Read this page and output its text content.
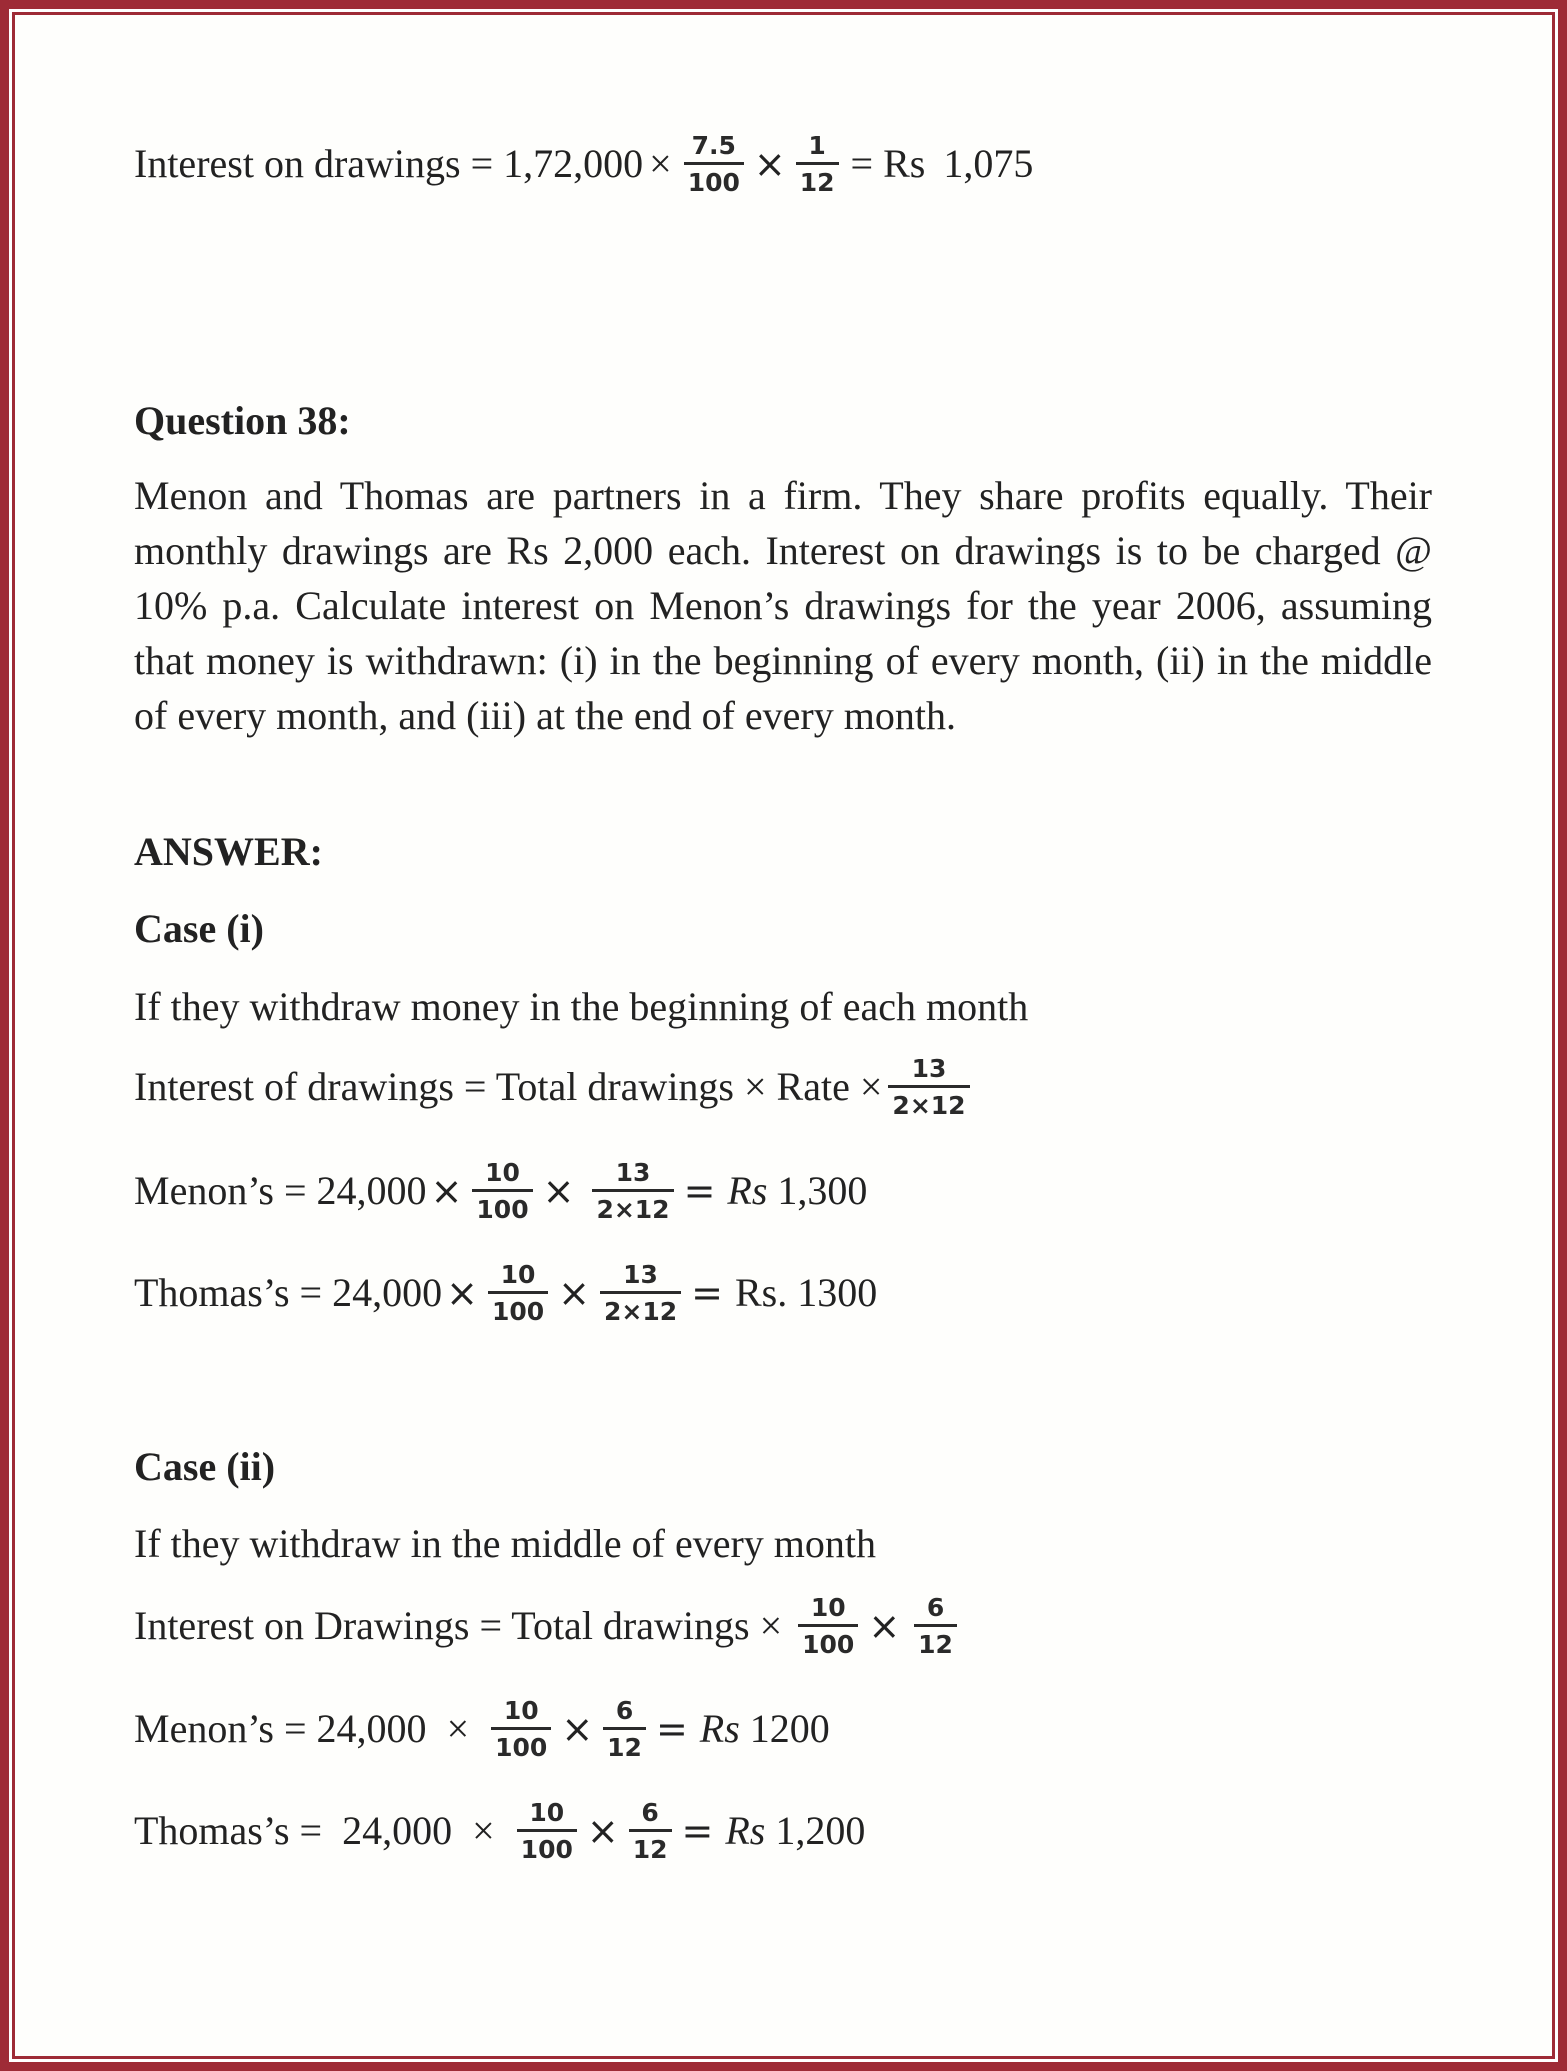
Interest on drawings = $1,72,000 \times \frac{7.5}{100} \times \frac{1}{12} = Rs$ 1,075
Question 38:
Menon and Thomas are partners in a firm. They share profits equally. Their monthly drawings are Rs 2,000 each. Interest on drawings is to be charged @ 10% p.a. Calculate interest on Menon’s drawings for the year 2006, assuming that money is withdrawn: (i) in the beginning of every month, (ii) in the middle of every month, and (iii) at the end of every month.
ANSWER:
Case (i)
If they withdraw money in the beginning of each month
Interest of drawings = Total drawings × Rate × $\frac{13}{2\times 12}$
Menon’s = $24,000 \times \frac{10}{100} \times \frac{13}{2\times 12} = Rs$ 1,300
Thomas’s = $24,000 \times \frac{10}{100} \times \frac{13}{2\times 12} = Rs$. 1300
Case (ii)
If they withdraw in the middle of every month
Interest on Drawings = Total drawings × $\frac{10}{100} \times \frac{6}{12}$
Menon’s = $24,000 \times \frac{10}{100} \times \frac{6}{12} = Rs$ 1200
Thomas’s =  $24,000 \times \frac{10}{100} \times \frac{6}{12} = Rs$ 1,200
